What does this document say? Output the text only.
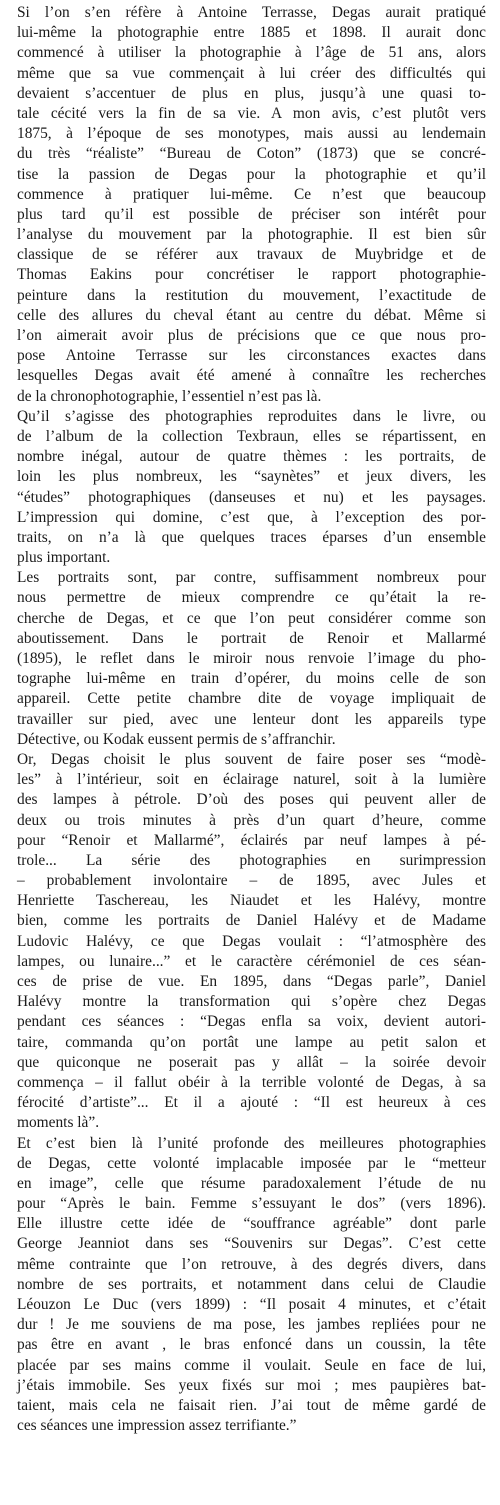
Si l’on s’en réfère à Antoine Terrasse, Degas aurait pratiqué
lui-même la photographie entre 1885 et 1898. Il aurait donc
commencé à utiliser la photographie à l’âge de 51 ans, alors
même que sa vue commençait à lui créer des difficultés qui
devaient s’accentuer de plus en plus, jusqu’à une quasi to-
tale cécité vers la fin de sa vie. A mon avis, c’est plutôt vers
1875, à l’époque de ses monotypes, mais aussi au lendemain
du très “réaliste” “Bureau de Coton” (1873) que se concré-
tise la passion de Degas pour la photographie et qu’il
commence à pratiquer lui-même. Ce n’est que beaucoup
plus tard qu’il est possible de préciser son intérêt pour
l’analyse du mouvement par la photographie. Il est bien sûr
classique de se référer aux travaux de Muybridge et de
Thomas Eakins pour concrétiser le rapport photographie-
peinture dans la restitution du mouvement, l’exactitude de
celle des allures du cheval étant au centre du débat. Même si
l’on aimerait avoir plus de précisions que ce que nous pro-
pose Antoine Terrasse sur les circonstances exactes dans
lesquelles Degas avait été amené à connaître les recherches
de la chronophotographie, l’essentiel n’est pas là.
Qu’il s’agisse des photographies reproduites dans le livre, ou
de l’album de la collection Texbraun, elles se répartissent, en
nombre inégal, autour de quatre thèmes : les portraits, de
loin les plus nombreux, les “saynètes” et jeux divers, les
“études” photographiques (danseuses et nu) et les paysages.
L’impression qui domine, c’est que, à l’exception des por-
traits, on n’a là que quelques traces éparses d’un ensemble
plus important.
Les portraits sont, par contre, suffisamment nombreux pour
nous permettre de mieux comprendre ce qu’était la re-
cherche de Degas, et ce que l’on peut considérer comme son
aboutissement. Dans le portrait de Renoir et Mallarmé
(1895), le reflet dans le miroir nous renvoie l’image du pho-
tographe lui-même en train d’opérer, du moins celle de son
appareil. Cette petite chambre dite de voyage impliquait de
travailler sur pied, avec une lenteur dont les appareils type
Détective, ou Kodak eussent permis de s’affranchir.
Or, Degas choisit le plus souvent de faire poser ses “modè-
les” à l’intérieur, soit en éclairage naturel, soit à la lumière
des lampes à pétrole. D’où des poses qui peuvent aller de
deux ou trois minutes à près d’un quart d’heure, comme
pour “Renoir et Mallarmé”, éclairés par neuf lampes à pé-
trole... La série des photographies en surimpression
– probablement involontaire – de 1895, avec Jules et
Henriette Taschereau, les Niaudet et les Halévy, montre
bien, comme les portraits de Daniel Halévy et de Madame
Ludovic Halévy, ce que Degas voulait : “l’atmosphère des
lampes, ou lunaire...” et le caractère cérémoniel de ces séan-
ces de prise de vue. En 1895, dans “Degas parle”, Daniel
Halévy montre la transformation qui s’opère chez Degas
pendant ces séances : “Degas enfla sa voix, devient autori-
taire, commanda qu’on portât une lampe au petit salon et
que quiconque ne poserait pas y allât – la soirée devoir
commença – il fallut obéir à la terrible volonté de Degas, à sa
férocité d’artiste”... Et il a ajouté : “Il est heureux à ces
moments là”.
Et c’est bien là l’unité profonde des meilleures photographies
de Degas, cette volonté implacable imposée par le “metteur
en image”, celle que résume paradoxalement l’étude de nu
pour “Après le bain. Femme s’essuyant le dos” (vers 1896).
Elle illustre cette idée de “souffrance agréable” dont parle
George Jeanniot dans ses “Souvenirs sur Degas”. C’est cette
même contrainte que l’on retrouve, à des degrés divers, dans
nombre de ses portraits, et notamment dans celui de Claudie
Léouzon Le Duc (vers 1899) : “Il posait 4 minutes, et c’était
dur ! Je me souviens de ma pose, les jambes repliées pour ne
pas être en avant , le bras enfoncé dans un coussin, la tête
placée par ses mains comme il voulait. Seule en face de lui,
j’étais immobile. Ses yeux fixés sur moi ; mes paupières bat-
taient, mais cela ne faisait rien. J’ai tout de même gardé de
ces séances une impression assez terrifiante.”
